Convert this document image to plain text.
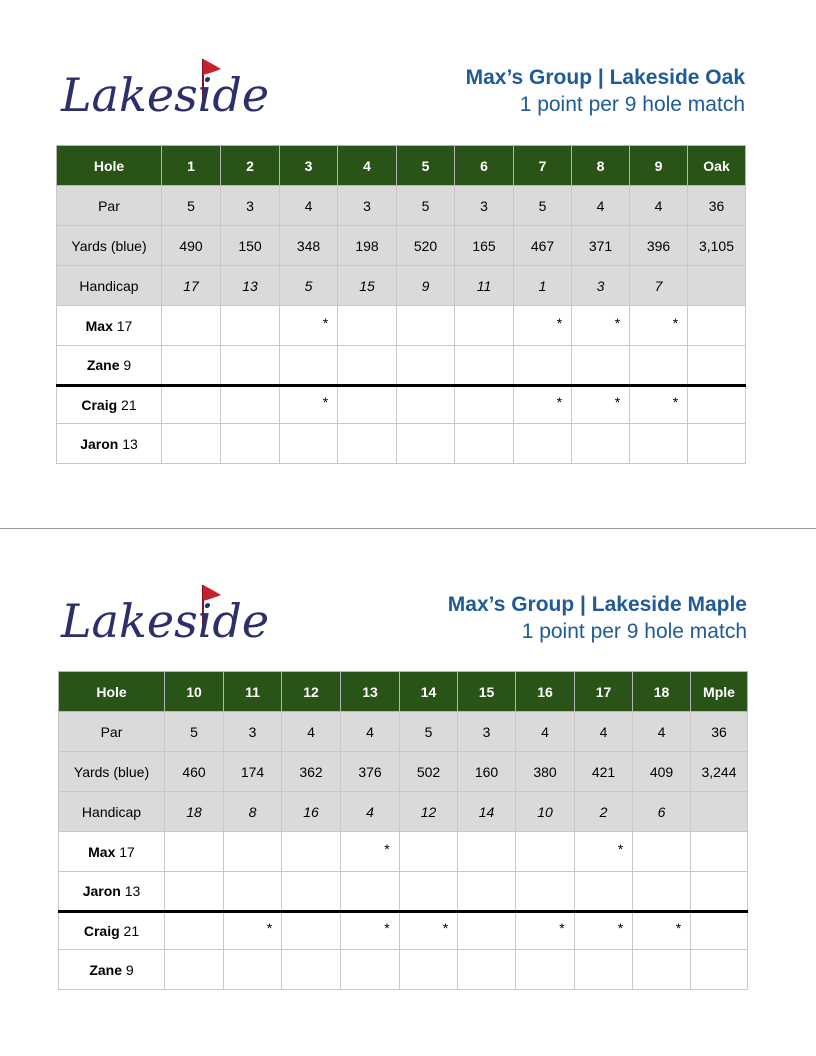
Lakeside	Max’s Group | Lakeside Oak
1 point per 9 hole match
Hole	1	2	3	4	5	6	7	8	9	Oak
Par	5	3	4	3	5	3	5	4	4	36
Yards (blue)	490	150	348	198	520	165	467	371	396	3,105
Handicap	17	13	5	15	9	11	1	3	7	
Max 17			*				*	*	*	
Zane 9										
Craig 21			*				*	*	*	
Jaron 13										
Lakeside	Max’s Group | Lakeside Maple
1 point per 9 hole match
Hole	10	11	12	13	14	15	16	17	18	Mple
Par	5	3	4	4	5	3	4	4	4	36
Yards (blue)	460	174	362	376	502	160	380	421	409	3,244
Handicap	18	8	16	4	12	14	10	2	6	
Max 17				*				*		
Jaron 13										
Craig 21		*		*	*		*	*	*	
Zane 9										
